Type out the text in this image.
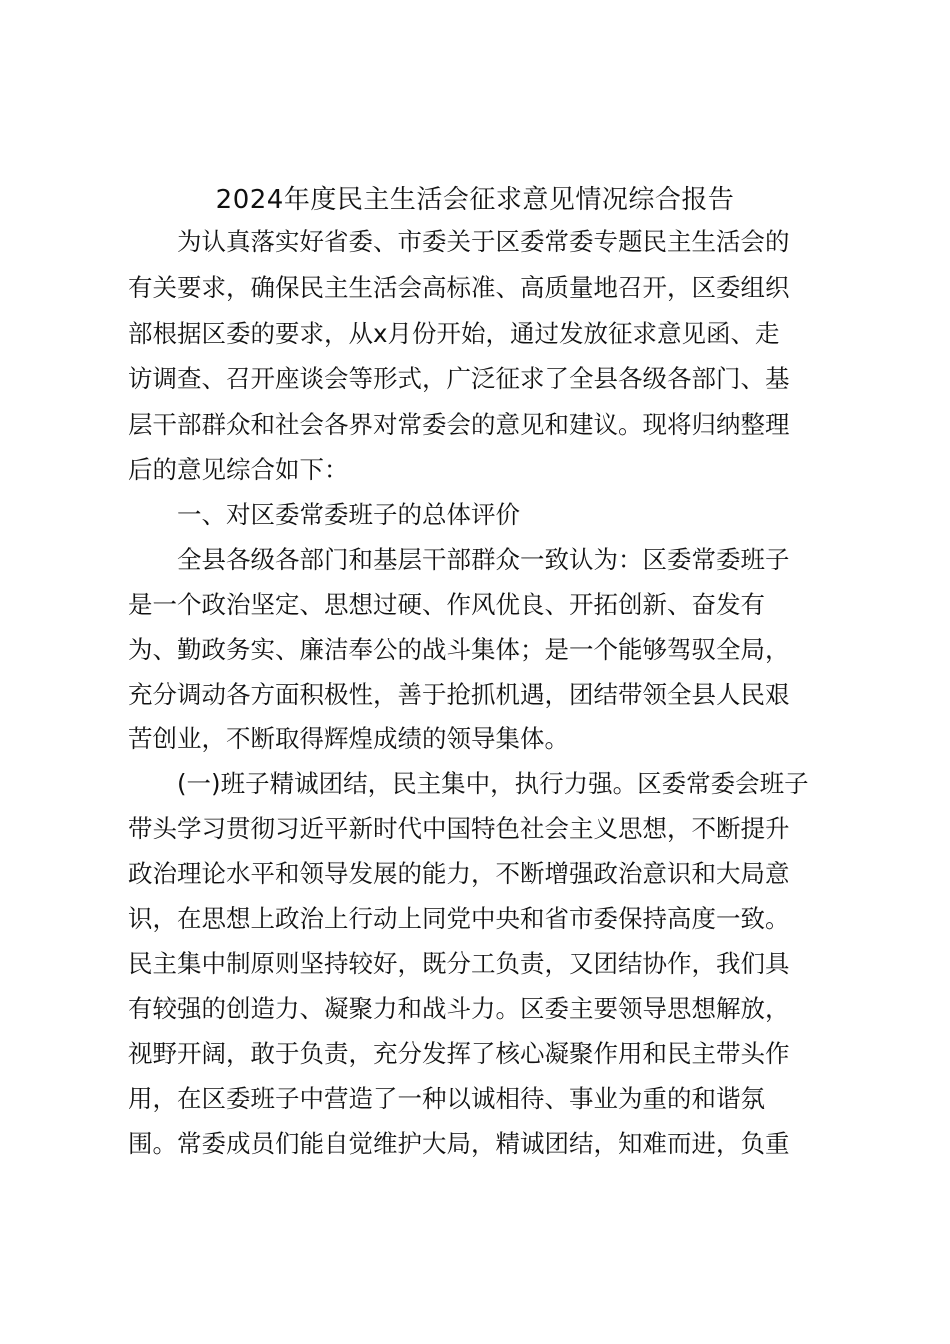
2024年度民主生活会征求意见情况综合报告
为认真落实好省委、市委关于区委常委专题民主生活会的
有关要求，确保民主生活会高标准、高质量地召开，区委组织
部根据区委的要求，从x月份开始，通过发放征求意见函、走
访调查、召开座谈会等形式，广泛征求了全县各级各部门、基
层干部群众和社会各界对常委会的意见和建议。现将归纳整理
后的意见综合如下：
一、对区委常委班子的总体评价
全县各级各部门和基层干部群众一致认为：区委常委班子
是一个政治坚定、思想过硬、作风优良、开拓创新、奋发有
为、勤政务实、廉洁奉公的战斗集体；是一个能够驾驭全局，
充分调动各方面积极性，善于抢抓机遇，团结带领全县人民艰
苦创业，不断取得辉煌成绩的领导集体。
(一)班子精诚团结，民主集中，执行力强。区委常委会班子
带头学习贯彻习近平新时代中国特色社会主义思想，不断提升
政治理论水平和领导发展的能力，不断增强政治意识和大局意
识，在思想上政治上行动上同党中央和省市委保持高度一致。
民主集中制原则坚持较好，既分工负责，又团结协作，我们具
有较强的创造力、凝聚力和战斗力。区委主要领导思想解放，
视野开阔，敢于负责，充分发挥了核心凝聚作用和民主带头作
用，在区委班子中营造了一种以诚相待、事业为重的和谐氛
围。常委成员们能自觉维护大局，精诚团结，知难而进，负重
